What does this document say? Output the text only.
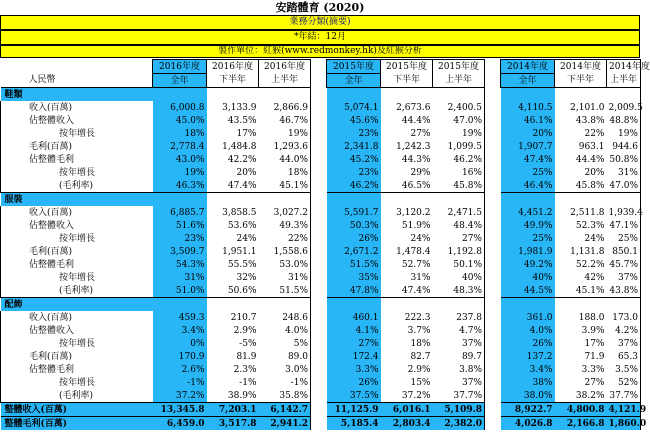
安踏體育 (2020)
業務分類(摘要)
*年結：12月
製作單位：紅猴(www.redmonkey.hk)及紅猴分析
	2016年度	2016年度	2016年度		2015年度	2015年度	2015年度		2014年度	2014年度	2014年度
人民幣	全年	下半年	上半年		全年	下半年	上半年		全年	下半年	上半年
鞋類											
收入(百萬)	6,000.8	3,133.9	2,866.9		5,074.1	2,673.6	2,400.5		4,110.5	2,101.0	2,009.5
佔整體收入	45.0%	43.5%	46.7%		45.6%	44.4%	47.0%		46.1%	43.8%	48.8%
按年增長	18%	17%	19%		23%	27%	19%		20%	22%	19%
毛利(百萬)	2,778.4	1,484.8	1,293.6		2,341.8	1,242.3	1,099.5		1,907.7	963.1	944.6
佔整體毛利	43.0%	42.2%	44.0%		45.2%	44.3%	46.2%		47.4%	44.4%	50.8%
按年增長	19%	20%	18%		23%	29%	16%		25%	20%	31%
(毛利率)	46.3%	47.4%	45.1%		46.2%	46.5%	45.8%		46.4%	45.8%	47.0%
服裝											
收入(百萬)	6,885.7	3,858.5	3,027.2		5,591.7	3,120.2	2,471.5		4,451.2	2,511.8	1,939.4
佔整體收入	51.6%	53.6%	49.3%		50.3%	51.9%	48.4%		49.9%	52.3%	47.1%
按年增長	23%	24%	22%		26%	24%	27%		25%	24%	25%
毛利(百萬)	3,509.7	1,951.1	1,558.6		2,671.2	1,478.4	1,192.8		1,981.9	1,131.8	850.1
佔整體毛利	54.3%	55.5%	53.0%		51.5%	52.7%	50.1%		49.2%	52.2%	45.7%
按年增長	31%	32%	31%		35%	31%	40%		40%	42%	37%
(毛利率)	51.0%	50.6%	51.5%		47.8%	47.4%	48.3%		44.5%	45.1%	43.8%
配飾											
收入(百萬)	459.3	210.7	248.6		460.1	222.3	237.8		361.0	188.0	173.0
佔整體收入	3.4%	2.9%	4.0%		4.1%	3.7%	4.7%		4.0%	3.9%	4.2%
按年增長	0%	-5%	5%		27%	18%	37%		26%	17%	37%
毛利(百萬)	170.9	81.9	89.0		172.4	82.7	89.7		137.2	71.9	65.3
佔整體毛利	2.6%	2.3%	3.0%		3.3%	2.9%	3.8%		3.4%	3.3%	3.5%
按年增長	-1%	-1%	-1%		26%	15%	37%		38%	27%	52%
(毛利率)	37.2%	38.9%	35.8%		37.5%	37.2%	37.7%		38.0%	38.2%	37.7%
整體收入(百萬)	13,345.8	7,203.1	6,142.7		11,125.9	6,016.1	5,109.8		8,922.7	4,800.8	4,121.9
整體毛利(百萬)	6,459.0	3,517.8	2,941.2		5,185.4	2,803.4	2,382.0		4,026.8	2,166.8	1,860.0
